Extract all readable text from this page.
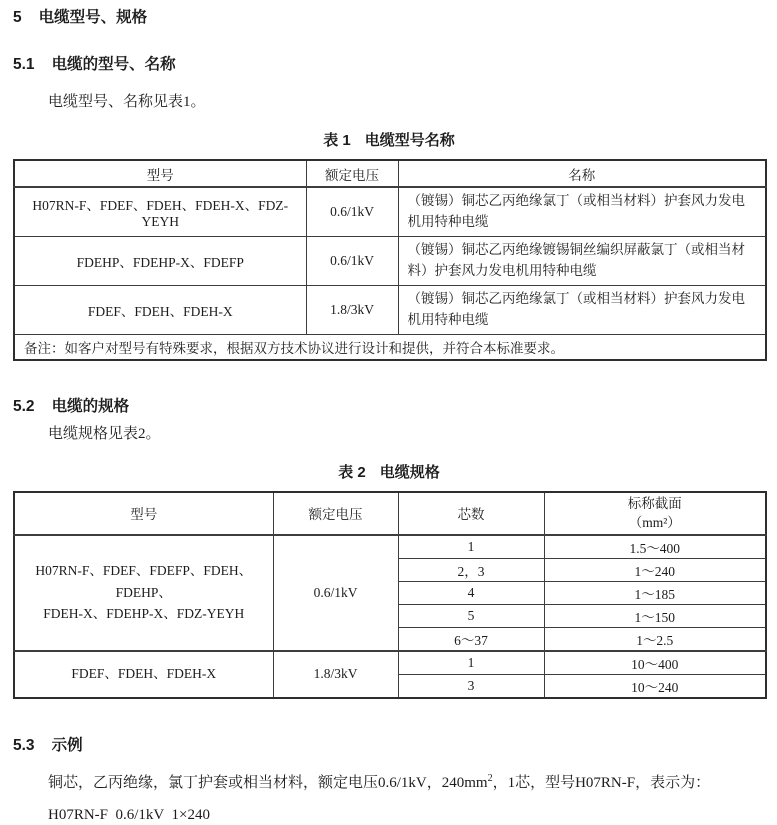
5 电缆型号、规格
5.1 电缆的型号、名称
电缆型号、名称见表1。
表 1 电缆型号名称
型号	额定电压	名称
H07RN-F、FDEF、FDEH、FDEH-X、FDZ-YEYH	0.6/1kV	（镀锡）铜芯乙丙绝缘氯丁（或相当材料）护套风力发电机用特种电缆
FDEHP、FDEHP-X、FDEFP	0.6/1kV	（镀锡）铜芯乙丙绝缘镀锡铜丝编织屏蔽氯丁（或相当材料）护套风力发电机用特种电缆
FDEF、FDEH、FDEH-X	1.8/3kV	（镀锡）铜芯乙丙绝缘氯丁（或相当材料）护套风力发电机用特种电缆
备注：如客户对型号有特殊要求，根据双方技术协议进行设计和提供，并符合本标准要求。		
5.2 电缆的规格
电缆规格见表2。
表 2 电缆规格
型号	额定电压	芯数	标称截面
（mm²）

H07RN-F、FDEF、FDEFP、FDEH、FDEHP、
FDEH-X、FDEHP-X、FDZ-YEYH	0.6/1kV	1	1.5～400
		2，3	1～240
		4	1～185
		5	1～150
		6～37	1～2.5

FDEF、FDEH、FDEH-X	1.8/3kV	1	10～400
		3	10～240
5.3 示例
铜芯，乙丙绝缘，氯丁护套或相当材料，额定电压0.6/1kV，$240mm^2$，1芯，型号H07RN-F，表示为：
H07RN-F  0.6/1kV  1×240
